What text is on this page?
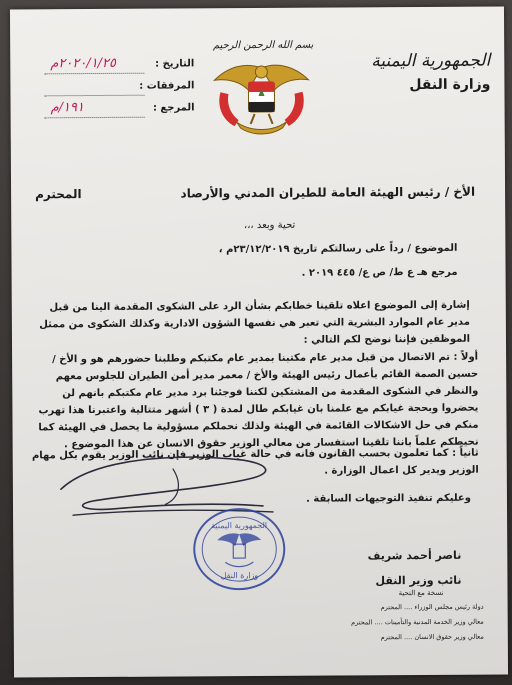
الجمهورية اليمنية
وزارة النقل
بسم الله الرحمن الرحيم
التاريخ :
٢٠٢٠/١/٢٥م
المرفقات :
المرجع :
١٩١/م
الأخ / رئيس الهيئة العامة للطيران المدني والأرصاد
المحترم
تحية وبعد ،،،
الموضوع / رداً على رسالتكم تاريخ ٢٣/١٢/٢٠١٩م ،
مرجع هـ ع ط/ ص ع/ ٤٤٥ ٢٠١٩ .
إشارة إلى الموضوع اعلاه تلقينا خطابكم بشأن الرد على الشكوى المقدمة الينا من قبل مدير عام الموارد البشرية التي تعبر هي نفسها الشؤون الادارية وكذلك الشكوى من ممثل الموظفين فإننا نوضح لكم التالي :
أولاً : تم الاتصال من قبل مدير عام مكتبنا بمدير عام مكتبكم وطلبنا حضورهم هو و الأخ / حسين الصمة القائم بأعمال رئيس الهيئة والأخ / معمر مدير أمن الطيران للجلوس معهم والنظر في الشكوى المقدمة من المشتكين لكننا فوجئنا برد مدير عام مكتبكم بانهم لن يحضروا وبحجة غيابكم مع علمنا بان غيابكم طال لمدة ( ٣ ) أشهر متتالية واعتبرنا هذا تهرب منكم في حل الاشكالات القائمة في الهيئة ولذلك نحملكم مسؤولية ما يحصل في الهيئة كما نحيطكم علماً باننا تلقينا استفسار من معالي الوزير حقوق الانسان عن هذا الموضوع .
ثانياً : كما تعلمون بحسب القانون فانه في حالة غياب الوزير فإن نائب الوزير يقوم بكل مهام الوزير ويدير كل اعمال الوزارة .
وعليكم تنفيذ التوجيهات السابقة .
الجمهورية اليمنية
وزارة النقل
ناصر أحمد شريف
نائب وزير النقل
نسخة مع التحية
دولة رئيس مجلس الوزراء .... المحترم
معالي وزير الخدمة المدنية والتأمينات .... المحترم
معالي وزير حقوق الانسان .... المحترم
